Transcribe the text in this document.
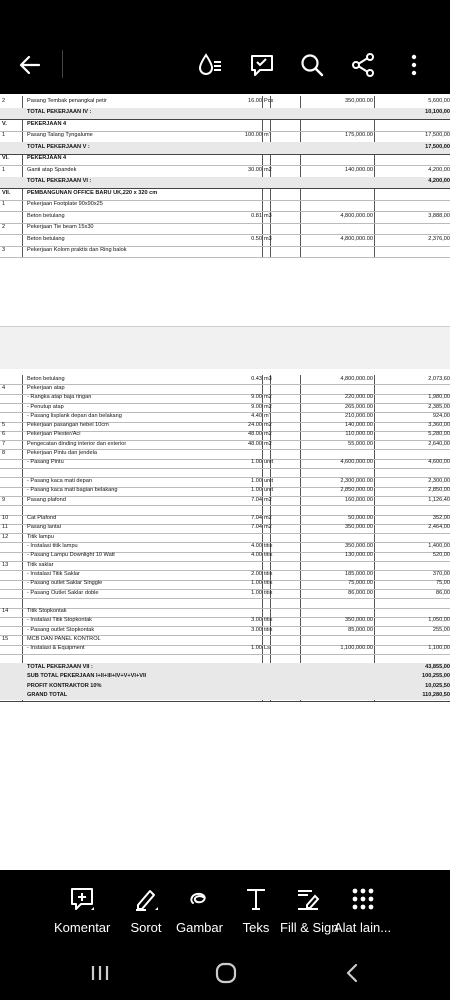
2	Pasang Tembak penangkal petir	16.00 Pcs	350,000.00	5,600,00
TOTAL PEKERJAAN IV :	10,100,00
V.	PEKERJAAN 4
1	Pasang Talang Tyngalume	100.00 m'	175,000.00	17,500,00
TOTAL PEKERJAAN V :	17,500,00
VI.	PEKERJAAN 4
1	Ganti atap Spandek	30.00 m2	140,000.00	4,200,00
TOTAL PEKERJAAN VI :	4,200,00
VII.	PEMBANGUNAN OFFICE BARU UK,220 x 320 cm
1	Pekerjaan Footplate 90x90x25
Beton betulang	0.81 m3	4,800,000.00	3,888,00
2	Pekerjaan Tie beam 15x30
Beton betulang	0.50 m3	4,800,000.00	2,376,00
3	Pekerjaan Kolom praktis dan Ring balok
Beton betulang	0.43 m3	4,800,000.00	2,073,60
4	Pekerjaan atap
- Rangka atap baja ringan	9.00 m2	220,000.00	1,980,00
- Penutup atap	9.00 m2	265,000.00	2,385,00
- Pasang lisplank depan dan belakang	4.40 m'	210,000.00	924,00
5	Pekerjaan pasangan hebel 10cm	24.00 m2	140,000.00	3,360,00
6	Pekerjaan Plester/Aci	48.00 m2	110,000.00	5,280,00
7	Pengecatan dinding interior dan exterior	48.00 m2	55,000.00	2,640,00
8	Pekerjaan Pintu dan jendela
- Pasang Pintu	1.00 unit	4,600,000.00	4,600,00
- Pasang kaca mati depan	1.00 unit	2,300,000.00	2,300,00
- Pasang kaca mati bagian belakang	1.00 unit	2,850,000.00	2,850,00
9	Pasang plafond	7.04 m2	160,000.00	1,126,40
10	Cat Plafond	7.04 m2	50,000.00	352,00
11	Pasang lantai	7.04 m2	350,000.00	2,464,00
12	Titik lampu
- Instalasi titik lampu	4.00 titik	350,000.00	1,400,00
- Pasang Lampu Downlight 10 Watt	4.00 titik	130,000.00	520,00
13	Titik saklar
- Instalasi Titik Saklar	2.00 titik	185,000.00	370,00
- Pasang outlet Saklar Singgle	1.00 titik	75,000.00	75,00
- Pasang Outlet Saklar doble	1.00 titik	86,000.00	86,00
14	Titik Stopkontak
- Instalasi Titik Stopkontak	3.00 titik	350,000.00	1,050,00
- Pasang outlet Stopkontak	3.00 titik	85,000.00	255,00
15	MCB DAN PANEL KONTROL
- Instalasi & Equipment	1.00 Ls	1,100,000.00	1,100,00
TOTAL PEKERJAAN VII :	43,855,00
SUB TOTAL PEKERJAAN I+II+III+IV+V+VI+VII	100,255,00
PROFIT KONTRAKTOR 10%	10,025,50
GRAND TOTAL	110,280,50
Komentar Sorot Gambar Teks Fill & Sign
Alat lain...
